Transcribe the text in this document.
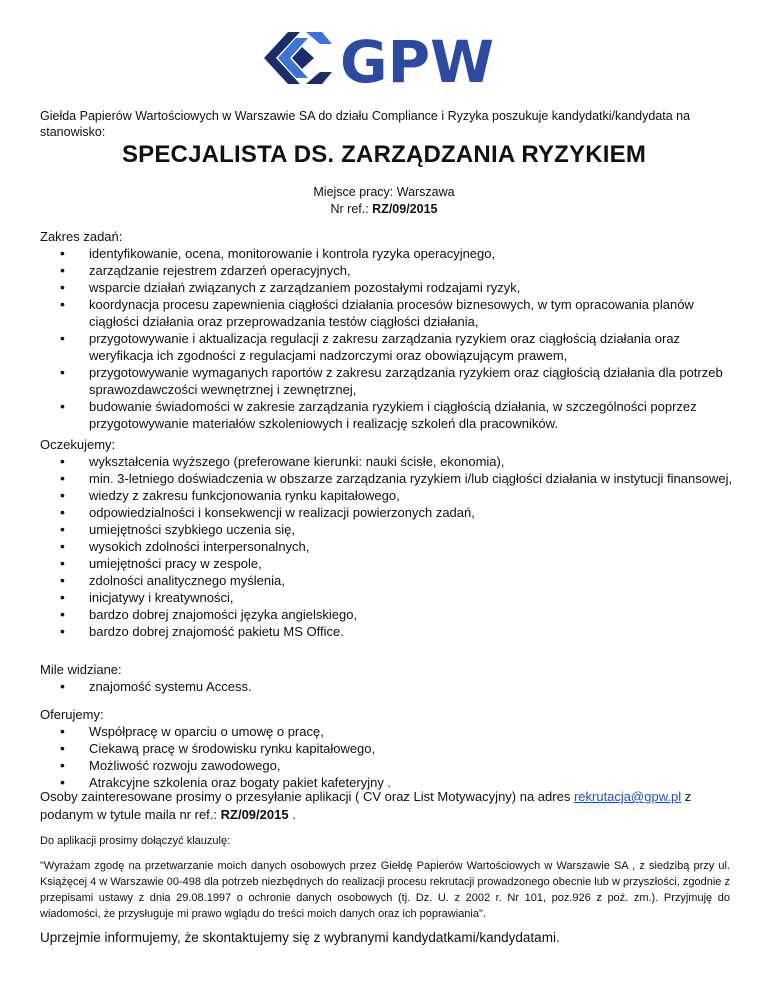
GPW
Giełda Papierów Wartościowych w Warszawie SA do działu Compliance i Ryzyka poszukuje kandydatki/kandydata na stanowisko:
SPECJALISTA DS. ZARZĄDZANIA RYZYKIEM
Miejsce pracy: Warszawa
Nr ref.: RZ/09/2015
Zakres zadań:
• identyfikowanie, ocena, monitorowanie i kontrola ryzyka operacyjnego,
• zarządzanie rejestrem zdarzeń operacyjnych,
• wsparcie działań związanych z zarządzaniem pozostałymi rodzajami ryzyk,
• koordynacja procesu zapewnienia ciągłości działania procesów biznesowych, w tym opracowania planów ciągłości działania oraz przeprowadzania testów ciągłości działania,
• przygotowywanie i aktualizacja regulacji z zakresu zarządzania ryzykiem oraz ciągłością działania oraz weryfikacja ich zgodności z regulacjami nadzorczymi oraz obowiązującym prawem,
• przygotowywanie wymaganych raportów z zakresu zarządzania ryzykiem oraz ciągłością działania dla potrzeb sprawozdawczości wewnętrznej i zewnętrznej,
• budowanie świadomości w zakresie zarządzania ryzykiem i ciągłością działania, w szczególności poprzez przygotowywanie materiałów szkoleniowych i realizację szkoleń dla pracowników.
Oczekujemy:
• wykształcenia wyższego (preferowane kierunki: nauki ścisłe, ekonomia),
• min. 3-letniego doświadczenia w obszarze zarządzania ryzykiem i/lub ciągłości działania w instytucji finansowej,
• wiedzy z zakresu funkcjonowania rynku kapitałowego,
• odpowiedzialności i konsekwencji w realizacji powierzonych zadań,
• umiejętności szybkiego uczenia się,
• wysokich zdolności interpersonalnych,
• umiejętności pracy w zespole,
• zdolności analitycznego myślenia,
• inicjatywy i kreatywności,
• bardzo dobrej znajomości języka angielskiego,
• bardzo dobrej znajomość pakietu MS Office.
Mile widziane:
• znajomość systemu Access.
Oferujemy:
• Współpracę w oparciu o umowę o pracę,
• Ciekawą pracę w środowisku rynku kapitałowego,
• Możliwość rozwoju zawodowego,
• Atrakcyjne szkolenia oraz bogaty pakiet kafeteryjny .
Osoby zainteresowane prosimy o przesyłanie aplikacji ( CV oraz List Motywacyjny) na adres rekrutacja@gpw.pl z podanym w tytule maila nr ref.: RZ/09/2015 .
Do aplikacji prosimy dołączyć klauzulę:
"Wyrażam zgodę na przetwarzanie moich danych osobowych przez Giełdę Papierów Wartościowych w Warszawie SA , z siedzibą przy ul. Książęcej 4 w Warszawie 00-498 dla potrzeb niezbędnych do realizacji procesu rekrutacji prowadzonego obecnie lub w przyszłości, zgodnie z przepisami ustawy z dnia 29.08.1997 o ochronie danych osobowych (tj. Dz. U. z 2002 r. Nr 101, poz.926 z poź. zm.). Przyjmuję do wiadomości, że przysługuje mi prawo wglądu do treści moich danych oraz ich poprawiania".
Uprzejmie informujemy, że skontaktujemy się z wybranymi kandydatkami/kandydatami.
